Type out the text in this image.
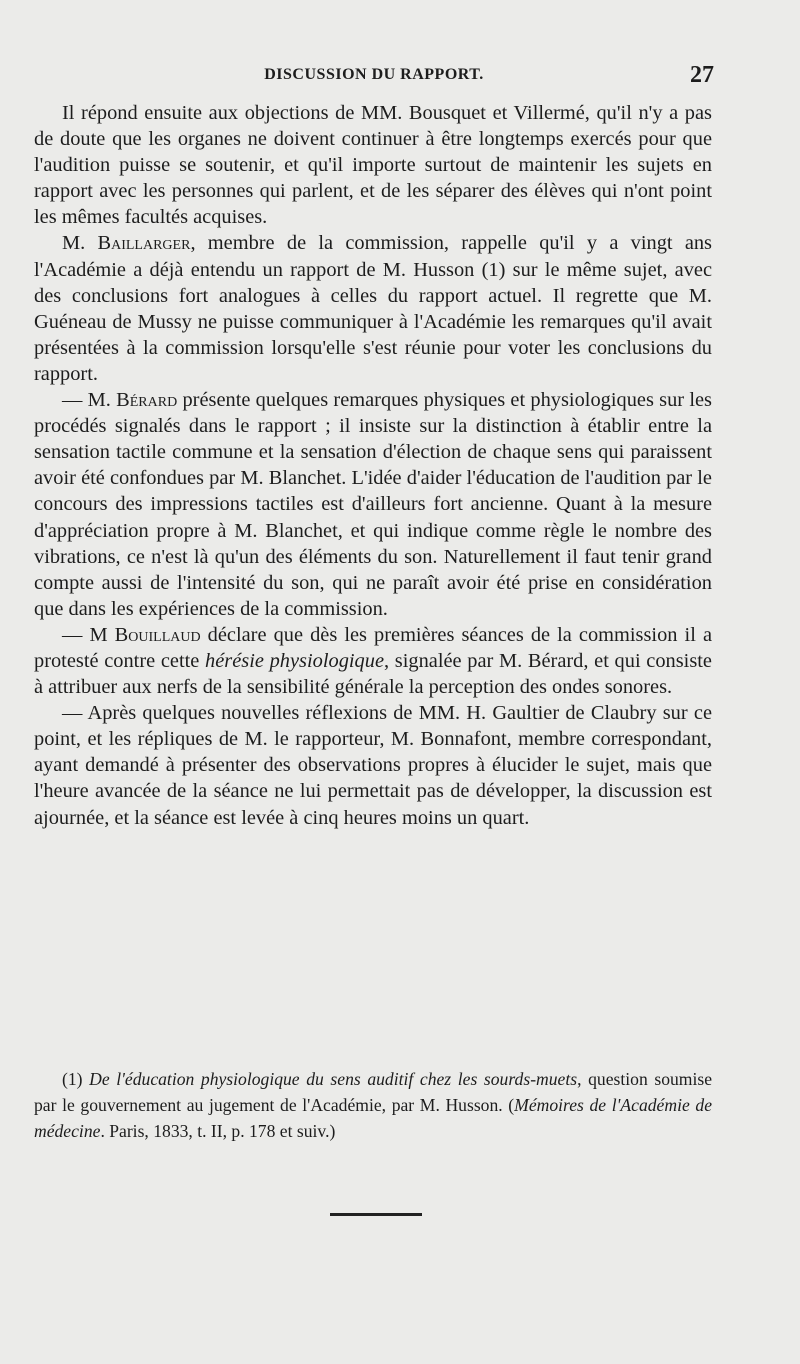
DISCUSSION DU RAPPORT.	27

Il répond ensuite aux objections de MM. Bousquet et Villermé, qu'il n'y a pas de doute que les organes ne doivent continuer à être longtemps exercés pour que l'audition puisse se soutenir, et qu'il importe surtout de maintenir les sujets en rapport avec les personnes qui parlent, et de les séparer des élèves qui n'ont point les mêmes facultés acquises.

M. Baillarger, membre de la commission, rappelle qu'il y a vingt ans l'Académie a déjà entendu un rapport de M. Husson (1) sur le même sujet, avec des conclusions fort analogues à celles du rapport actuel. Il regrette que M. Guéneau de Mussy ne puisse communiquer à l'Académie les remarques qu'il avait présentées à la commission lorsqu'elle s'est réunie pour voter les conclusions du rapport.

— M. Bérard présente quelques remarques physiques et physiologiques sur les procédés signalés dans le rapport ; il insiste sur la distinction à établir entre la sensation tactile commune et la sensation d'élection de chaque sens qui paraissent avoir été confondues par M. Blanchet. L'idée d'aider l'éducation de l'audition par le concours des impressions tactiles est d'ailleurs fort ancienne. Quant à la mesure d'appréciation propre à M. Blanchet, et qui indique comme règle le nombre des vibrations, ce n'est là qu'un des éléments du son. Naturellement il faut tenir grand compte aussi de l'intensité du son, qui ne paraît avoir été prise en considération que dans les expériences de la commission.

— M Bouillaud déclare que dès les premières séances de la commission il a protesté contre cette hérésie physiologique, signalée par M. Bérard, et qui consiste à attribuer aux nerfs de la sensibilité générale la perception des ondes sonores.

— Après quelques nouvelles réflexions de MM. H. Gaultier de Claubry sur ce point, et les répliques de M. le rapporteur, M. Bonnafont, membre correspondant, ayant demandé à présenter des observations propres à élucider le sujet, mais que l'heure avancée de la séance ne lui permettait pas de développer, la discussion est ajournée, et la séance est levée à cinq heures moins un quart.

(1) De l'éducation physiologique du sens auditif chez les sourds-muets, question soumise par le gouvernement au jugement de l'Académie, par M. Husson. (Mémoires de l'Académie de médecine. Paris, 1833, t. II, p. 178 et suiv.)
